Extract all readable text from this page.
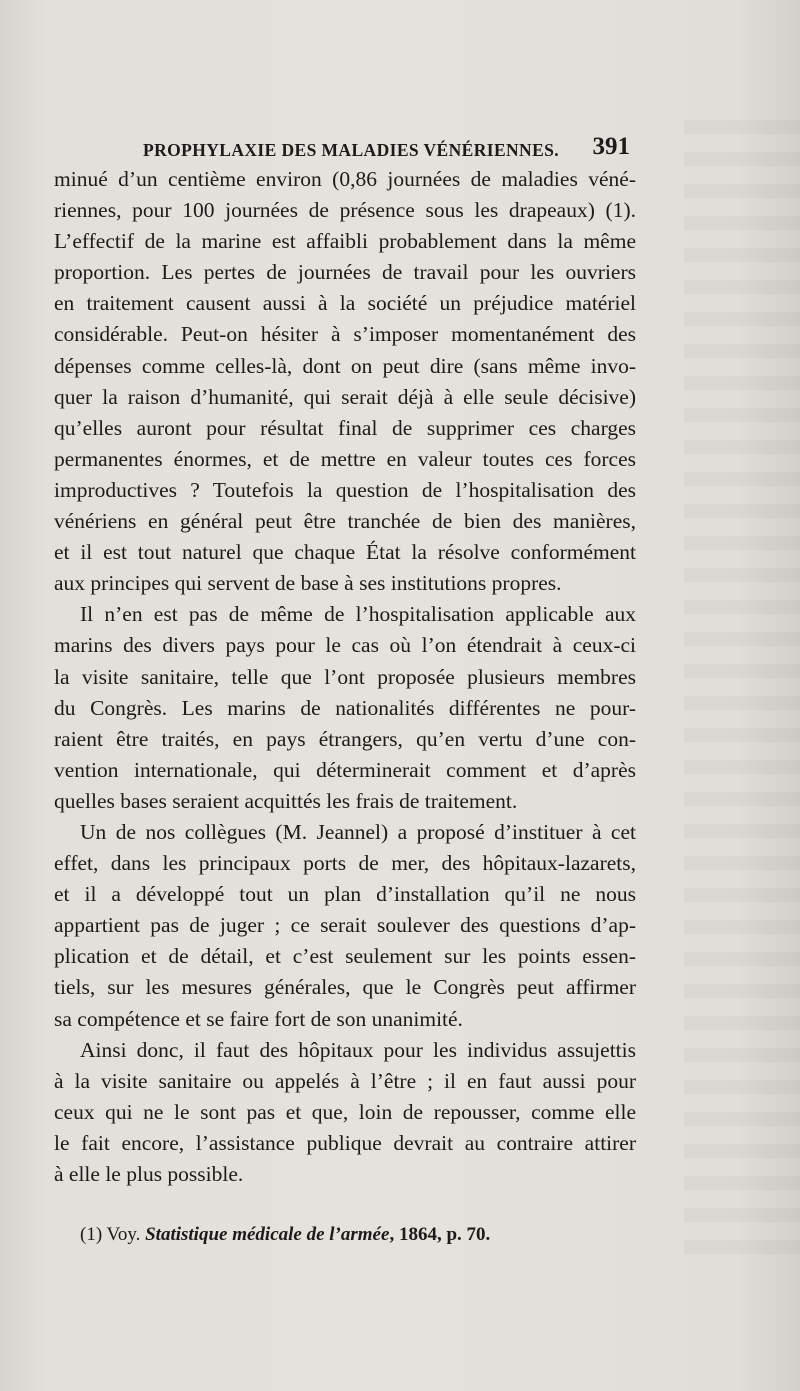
PROPHYLAXIE DES MALADIES VÉNÉRIENNES. 391
minué d’un centième environ (0,86 journées de maladies véné-
riennes, pour 100 journées de présence sous les drapeaux) (1).
L’effectif de la marine est affaibli probablement dans la même
proportion. Les pertes de journées de travail pour les ouvriers
en traitement causent aussi à la société un préjudice matériel
considérable. Peut-on hésiter à s’imposer momentanément des
dépenses comme celles-là, dont on peut dire (sans même invo-
quer la raison d’humanité, qui serait déjà à elle seule décisive)
qu’elles auront pour résultat final de supprimer ces charges
permanentes énormes, et de mettre en valeur toutes ces forces
improductives ? Toutefois la question de l’hospitalisation des
vénériens en général peut être tranchée de bien des manières,
et il est tout naturel que chaque État la résolve conformément
aux principes qui servent de base à ses institutions propres.
Il n’en est pas de même de l’hospitalisation applicable aux
marins des divers pays pour le cas où l’on étendrait à ceux-ci
la visite sanitaire, telle que l’ont proposée plusieurs membres
du Congrès. Les marins de nationalités différentes ne pour-
raient être traités, en pays étrangers, qu’en vertu d’une con-
vention internationale, qui déterminerait comment et d’après
quelles bases seraient acquittés les frais de traitement.
Un de nos collègues (M. Jeannel) a proposé d’instituer à cet
effet, dans les principaux ports de mer, des hôpitaux-lazarets,
et il a développé tout un plan d’installation qu’il ne nous
appartient pas de juger ; ce serait soulever des questions d’ap-
plication et de détail, et c’est seulement sur les points essen-
tiels, sur les mesures générales, que le Congrès peut affirmer
sa compétence et se faire fort de son unanimité.
Ainsi donc, il faut des hôpitaux pour les individus assujettis
à la visite sanitaire ou appelés à l’être ; il en faut aussi pour
ceux qui ne le sont pas et que, loin de repousser, comme elle
le fait encore, l’assistance publique devrait au contraire attirer
à elle le plus possible.
(1) Voy. Statistique médicale de l’armée, 1864, p. 70.
